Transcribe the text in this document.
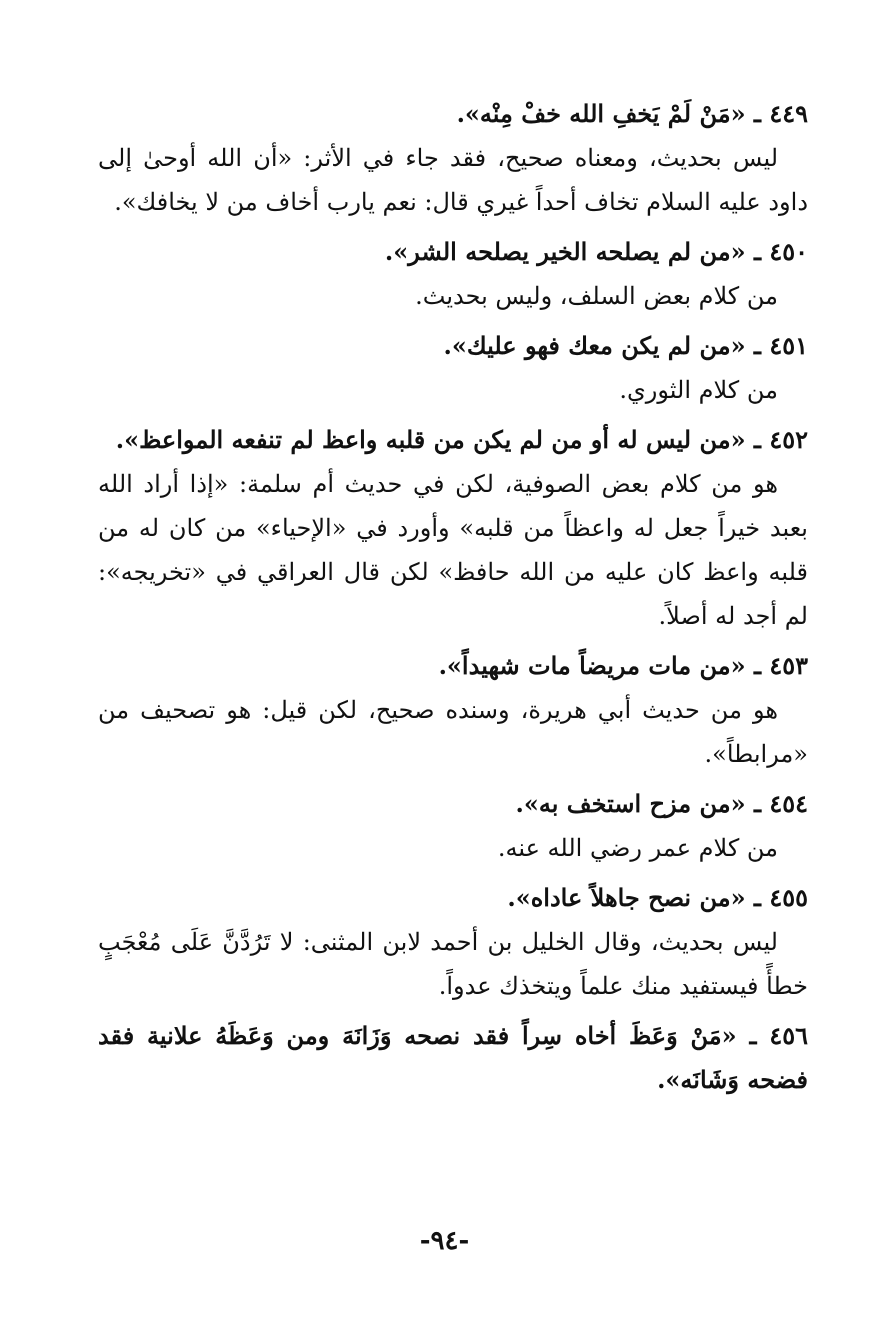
٤٤٩ ـ «مَنْ لَمْ يَخفِ الله خفْ مِنْه».

ليس بحديث، ومعناه صحيح، فقد جاء في الأثر: «أن الله أوحىٰ إلى داود عليه السلام تخاف أحداً غيري قال: نعم يارب أخاف من لا يخافك».

٤٥٠ ـ «من لم يصلحه الخير يصلحه الشر».

من كلام بعض السلف، وليس بحديث.

٤٥١ ـ «من لم يكن معك فهو عليك».

من كلام الثوري.

٤٥٢ ـ «من ليس له أو من لم يكن من قلبه واعظ لم تنفعه المواعظ».

هو من كلام بعض الصوفية، لكن في حديث أم سلمة: «إذا أراد الله بعبد خيراً جعل له واعظاً من قلبه» وأورد في «الإحياء» من كان له من قلبه واعظ كان عليه من الله حافظ» لكن قال العراقي في «تخريجه»: لم أجد له أصلاً.

٤٥٣ ـ «من مات مريضاً مات شهيداً».

هو من حديث أبي هريرة، وسنده صحيح، لكن قيل: هو تصحيف من «مرابطاً».

٤٥٤ ـ «من مزح استخف به».

من كلام عمر رضي الله عنه.

٤٥٥ ـ «من نصح جاهلاً عاداه».

ليس بحديث، وقال الخليل بن أحمد لابن المثنى: لا تَرُدَّنَّ عَلَى مُعْجَبٍ خطأً فيستفيد منك علماً ويتخذك عدواً.

٤٥٦ ـ «مَنْ وَعَظَ أخاه سِراً فقد نصحه وَزَانَهَ ومن وَعَظَهُ علانية فقد فضحه وَشَانَه».

-٩٤-
